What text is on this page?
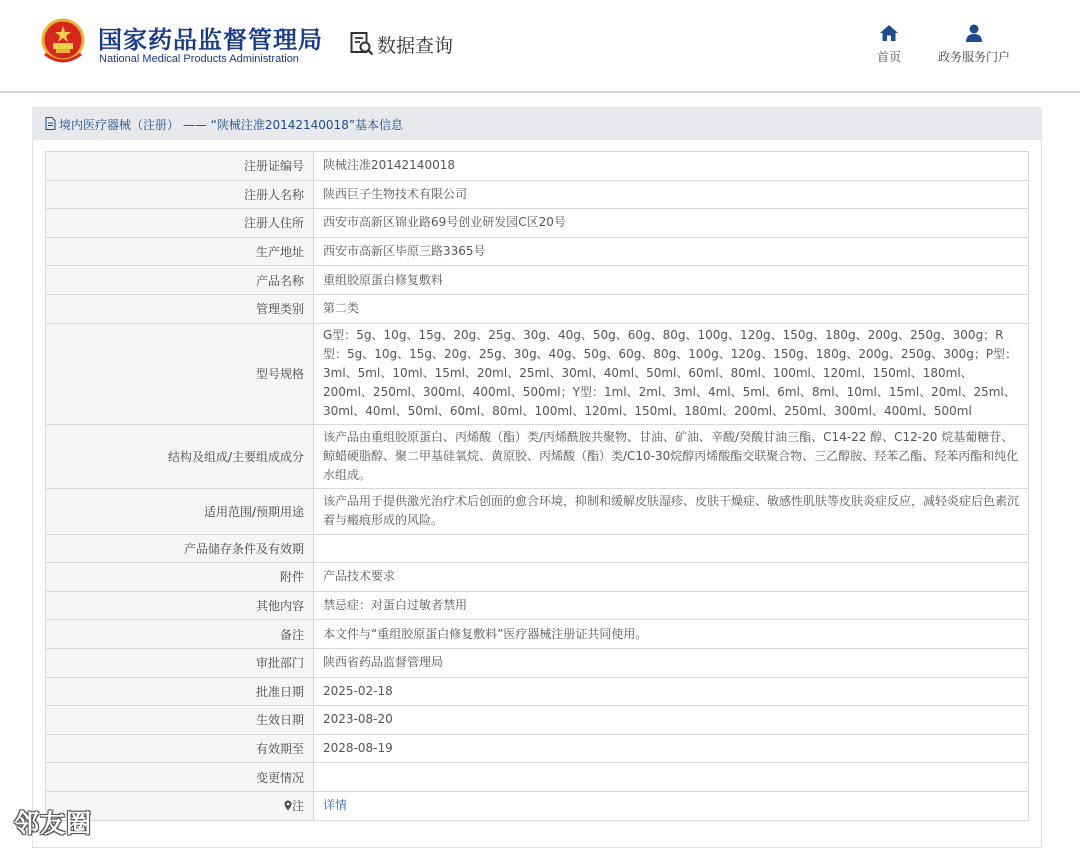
国家药品监督管理局
National Medical Products Administration
数据查询	首页	政务服务门户
境内医疗器械（注册） —— “陕械注准20142140018”基本信息
注册证编号	陕械注准20142140018
注册人名称	陕西巨子生物技术有限公司
注册人住所	西安市高新区锦业路69号创业研发园C区20号
生产地址	西安市高新区毕原三路3365号
产品名称	重组胶原蛋白修复敷料
管理类别	第二类
型号规格	G型：5g、10g、15g、20g、25g、30g、40g、50g、60g、80g、100g、120g、150g、180g、200g、250g、300g；R型：5g、10g、15g、20g、25g、30g、40g、50g、60g、80g、100g、120g、150g、180g、200g、250g、300g；P型：3ml、5ml、10ml、15ml、20ml、25ml、30ml、40ml、50ml、60ml、80ml、100ml、120ml、150ml、180ml、200ml、250ml、300ml、400ml、500ml；Y型：1ml、2ml、3ml、4ml、5ml、6ml、8ml、10ml、15ml、20ml、25ml、30ml、40ml、50ml、60ml、80ml、100ml、120ml、150ml、180ml、200ml、250ml、300ml、400ml、500ml
结构及组成/主要组成成分	该产品由重组胶原蛋白、丙烯酸（酯）类/丙烯酰胺共聚物、甘油、矿油、辛酸/癸酸甘油三酯、C14-22 醇、C12-20 烷基葡糖苷、鲸蜡硬脂醇、聚二甲基硅氧烷、黄原胶、丙烯酸（酯）类/C10-30烷醇丙烯酸酯交联聚合物、三乙醇胺、羟苯乙酯、羟苯丙酯和纯化水组成。
适用范围/预期用途	该产品用于提供激光治疗术后创面的愈合环境，抑制和缓解皮肤湿疹、皮肤干燥症、敏感性肌肤等皮肤炎症反应，减轻炎症后色素沉着与瘢痕形成的风险。
产品储存条件及有效期	
附件	产品技术要求
其他内容	禁忌症：对蛋白过敏者禁用
备注	本文件与“重组胶原蛋白修复敷料”医疗器械注册证共同使用。
审批部门	陕西省药品监督管理局
批准日期	2025-02-18
生效日期	2023-08-20
有效期至	2028-08-19
变更情况	
注	详情
邻友圈
